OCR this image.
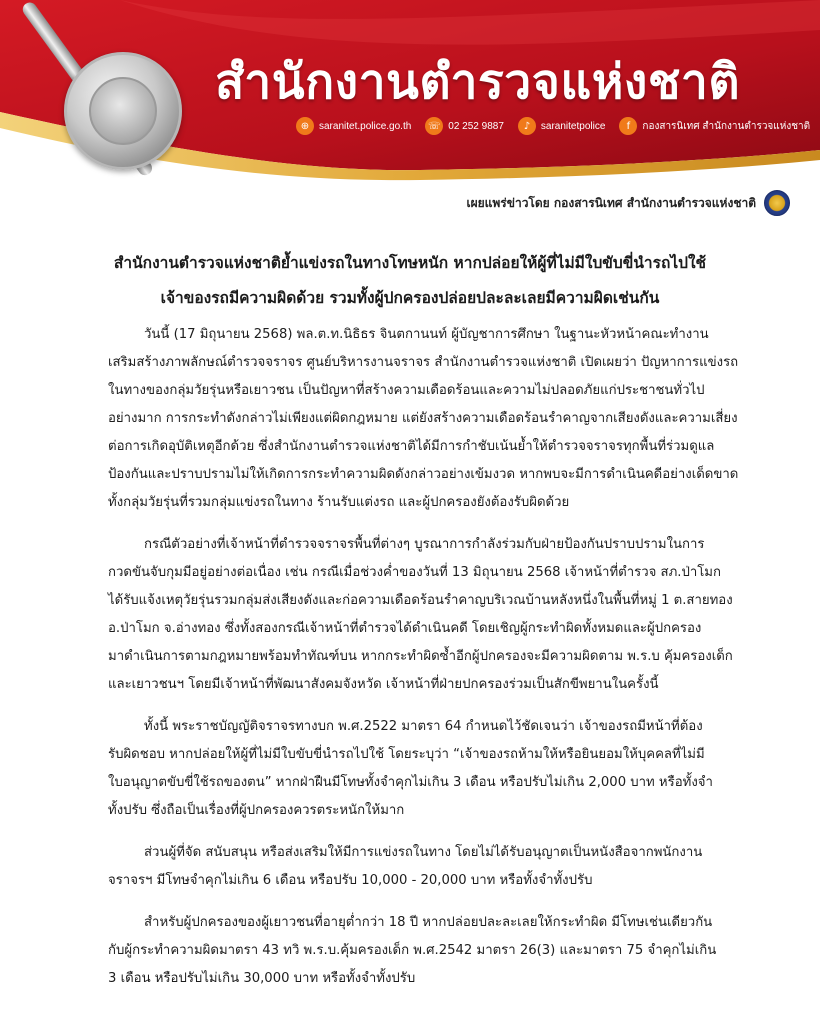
สำนักงานตำรวจแห่งชาติ
⊕ saranitet.police.go.th ☏ 02 252 9887	♪	saranitetpolice	f	กองสารนิเทศ สำนักงานตำรวจแห่งชาติ
เผยแพร่ข่าวโดย กองสารนิเทศ สำนักงานตำรวจแห่งชาติ
สำนักงานตำรวจแห่งชาติย้ำแข่งรถในทางโทษหนัก หากปล่อยให้ผู้ที่ไม่มีใบขับขี่นำรถไปใช้
เจ้าของรถมีความผิดด้วย รวมทั้งผู้ปกครองปล่อยปละละเลยมีความผิดเช่นกัน
วันนี้ (17 มิถุนายน 2568) พล.ต.ท.นิธิธร จินตกานนท์ ผู้บัญชาการศึกษา ในฐานะหัวหน้าคณะทำงาน
เสริมสร้างภาพลักษณ์ตำรวจจราจร ศูนย์บริหารงานจราจร สำนักงานตำรวจแห่งชาติ เปิดเผยว่า ปัญหาการแข่งรถ
ในทางของกลุ่มวัยรุ่นหรือเยาวชน เป็นปัญหาที่สร้างความเดือดร้อนและความไม่ปลอดภัยแก่ประชาชนทั่วไป
อย่างมาก การกระทำดังกล่าวไม่เพียงแต่ผิดกฎหมาย แต่ยังสร้างความเดือดร้อนรำคาญจากเสียงดังและความเสี่ยง
ต่อการเกิดอุบัติเหตุอีกด้วย ซึ่งสำนักงานตำรวจแห่งชาติได้มีการกำชับเน้นย้ำให้ตำรวจจราจรทุกพื้นที่ร่วมดูแล
ป้องกันและปราบปรามไม่ให้เกิดการกระทำความผิดดังกล่าวอย่างเข้มงวด หากพบจะมีการดำเนินคดีอย่างเด็ดขาด
ทั้งกลุ่มวัยรุ่นที่รวมกลุ่มแข่งรถในทาง ร้านรับแต่งรถ และผู้ปกครองยังต้องรับผิดด้วย
กรณีตัวอย่างที่เจ้าหน้าที่ตำรวจจราจรพื้นที่ต่างๆ บูรณาการกำลังร่วมกับฝ่ายป้องกันปราบปรามในการ
กวดขันจับกุมมีอยู่อย่างต่อเนื่อง เช่น กรณีเมื่อช่วงค่ำของวันที่ 13 มิถุนายน 2568 เจ้าหน้าที่ตำรวจ สภ.ป่าโมก
ได้รับแจ้งเหตุวัยรุ่นรวมกลุ่มส่งเสียงดังและก่อความเดือดร้อนรำคาญบริเวณบ้านหลังหนึ่งในพื้นที่หมู่ 1 ต.สายทอง
อ.ป่าโมก จ.อ่างทอง ซึ่งทั้งสองกรณีเจ้าหน้าที่ตำรวจได้ดำเนินคดี โดยเชิญผู้กระทำผิดทั้งหมดและผู้ปกครอง
มาดำเนินการตามกฎหมายพร้อมทำทัณฑ์บน หากกระทำผิดซ้ำอีกผู้ปกครองจะมีความผิดตาม พ.ร.บ คุ้มครองเด็ก
และเยาวชนฯ โดยมีเจ้าหน้าที่พัฒนาสังคมจังหวัด เจ้าหน้าที่ฝ่ายปกครองร่วมเป็นสักขีพยานในครั้งนี้
ทั้งนี้ พระราชบัญญัติจราจรทางบก พ.ศ.2522 มาตรา 64 กำหนดไว้ชัดเจนว่า เจ้าของรถมีหน้าที่ต้อง
รับผิดชอบ หากปล่อยให้ผู้ที่ไม่มีใบขับขี่นำรถไปใช้ โดยระบุว่า “เจ้าของรถห้ามให้หรือยินยอมให้บุคคลที่ไม่มี
ใบอนุญาตขับขี่ใช้รถของตน” หากฝ่าฝืนมีโทษทั้งจำคุกไม่เกิน 3 เดือน หรือปรับไม่เกิน 2,000 บาท หรือทั้งจำ
ทั้งปรับ ซึ่งถือเป็นเรื่องที่ผู้ปกครองควรตระหนักให้มาก
ส่วนผู้ที่จัด สนับสนุน หรือส่งเสริมให้มีการแข่งรถในทาง โดยไม่ได้รับอนุญาตเป็นหนังสือจากพนักงาน
จราจรฯ มีโทษจำคุกไม่เกิน 6 เดือน หรือปรับ 10,000 - 20,000 บาท หรือทั้งจำทั้งปรับ
สำหรับผู้ปกครองของผู้เยาวชนที่อายุต่ำกว่า 18 ปี หากปล่อยปละละเลยให้กระทำผิด มีโทษเช่นเดียวกัน
กับผู้กระทำความผิดมาตรา 43 ทวิ พ.ร.บ.คุ้มครองเด็ก พ.ศ.2542 มาตรา 26(3) และมาตรา 75 จำคุกไม่เกิน
3 เดือน หรือปรับไม่เกิน 30,000 บาท หรือทั้งจำทั้งปรับ
